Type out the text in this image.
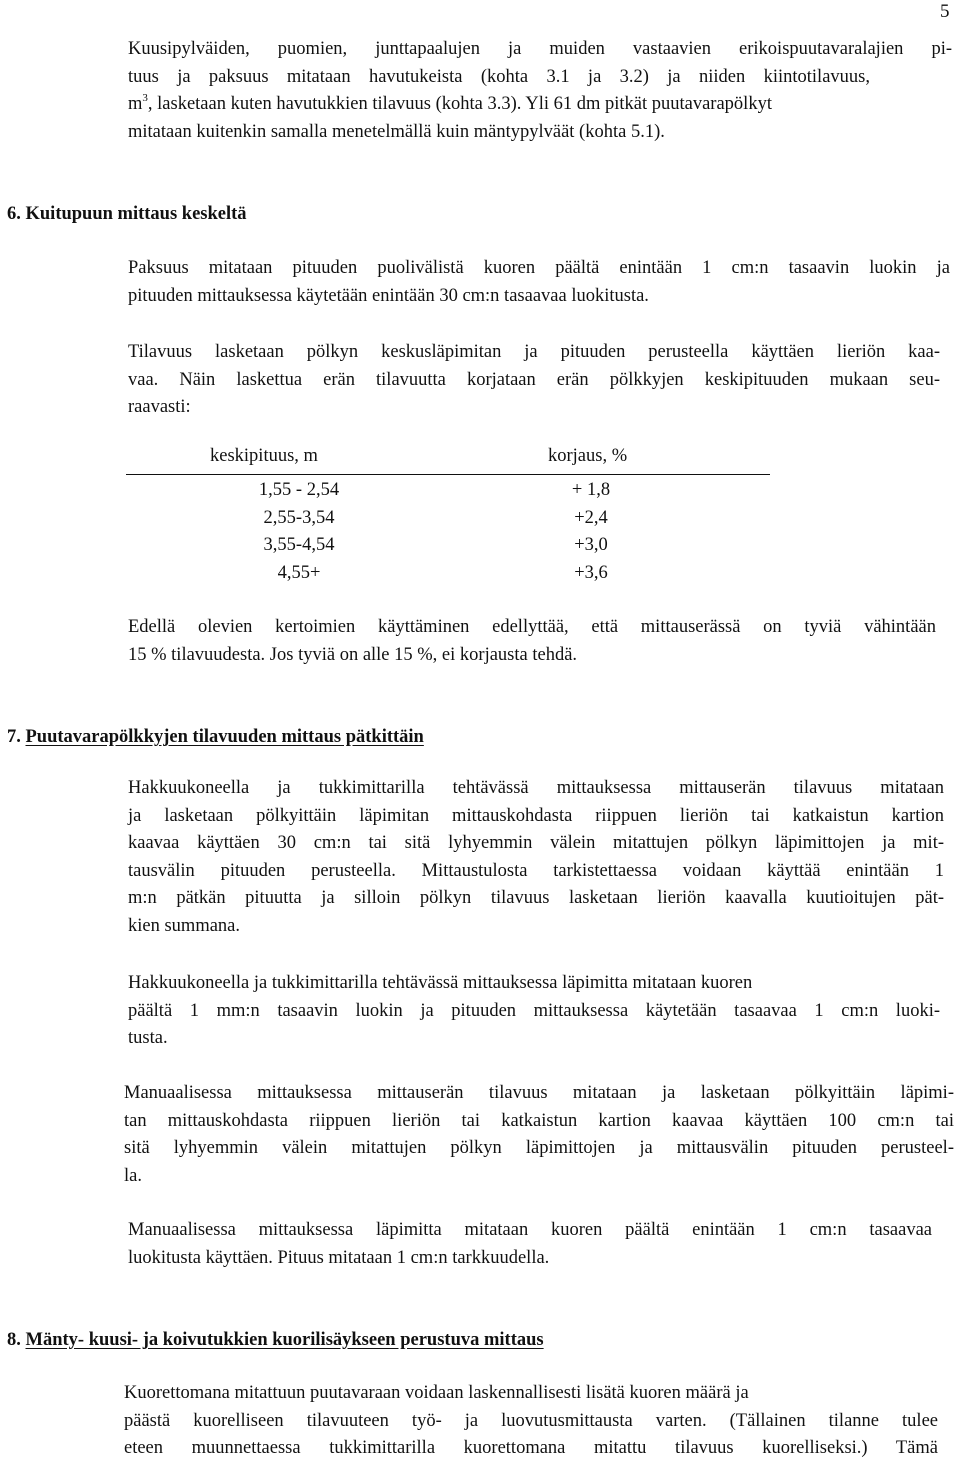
5
Kuusipylväiden, puomien, junttapaalujen ja muiden vastaavien erikoispuutavaralajien pi-
tuus ja paksuus mitataan havutukeista (kohta 3.1 ja 3.2) ja niiden kiintotilavuus,
$m^3$, lasketaan kuten havutukkien tilavuus (kohta 3.3). Yli 61 dm pitkät puutavarapölkyt
mitataan kuitenkin samalla menetelmällä kuin mäntypylväät (kohta 5.1).
6. Kuitupuun mittaus keskeltä
Paksuus mitataan pituuden puolivälistä kuoren päältä enintään 1 cm:n tasaavin luokin ja
pituuden mittauksessa käytetään enintään 30 cm:n tasaavaa luokitusta.
Tilavuus lasketaan pölkyn keskusläpimitan ja pituuden perusteella käyttäen lieriön kaa-
vaa. Näin laskettua erän tilavuutta korjataan erän pölkkyjen keskipituuden mukaan seu-
raavasti:
keskipituus, m	korjaus, %
1,55 - 2,54	+ 1,8
2,55-3,54	+2,4
3,55-4,54	+3,0
4,55+	+3,6
Edellä olevien kertoimien käyttäminen edellyttää, että mittauserässä on tyviä vähintään
15 % tilavuudesta. Jos tyviä on alle 15 %, ei korjausta tehdä.
7. Puutavarapölkkyjen tilavuuden mittaus pätkittäin
Hakkuukoneella ja tukkimittarilla tehtävässä mittauksessa mittauserän tilavuus mitataan
ja lasketaan pölkyittäin läpimitan mittauskohdasta riippuen lieriön tai katkaistun kartion
kaavaa käyttäen 30 cm:n tai sitä lyhyemmin välein mitattujen pölkyn läpimittojen ja mit-
tausvälin pituuden perusteella. Mittaustulosta tarkistettaessa voidaan käyttää enintään 1
m:n pätkän pituutta ja silloin pölkyn tilavuus lasketaan lieriön kaavalla kuutioitujen pät-
kien summana.
Hakkuukoneella ja tukkimittarilla tehtävässä mittauksessa läpimitta mitataan kuoren
päältä 1 mm:n tasaavin luokin ja pituuden mittauksessa käytetään tasaavaa 1 cm:n luoki-
tusta.
Manuaalisessa mittauksessa mittauserän tilavuus mitataan ja lasketaan pölkyittäin läpimi-
tan mittauskohdasta riippuen lieriön tai katkaistun kartion kaavaa käyttäen 100 cm:n tai
sitä lyhyemmin välein mitattujen pölkyn läpimittojen ja mittausvälin pituuden perusteel-
la.
Manuaalisessa mittauksessa läpimitta mitataan kuoren päältä enintään 1 cm:n tasaavaa
luokitusta käyttäen. Pituus mitataan 1 cm:n tarkkuudella.
8. Mänty- kuusi- ja koivutukkien kuorilisäykseen perustuva mittaus
Kuorettomana mitattuun puutavaraan voidaan laskennallisesti lisätä kuoren määrä ja
päästä kuorelliseen tilavuuteen työ- ja luovutusmittausta varten. (Tällainen tilanne tulee
eteen muunnettaessa tukkimittarilla kuorettomana mitattu tilavuus kuorelliseksi.) Tämä
